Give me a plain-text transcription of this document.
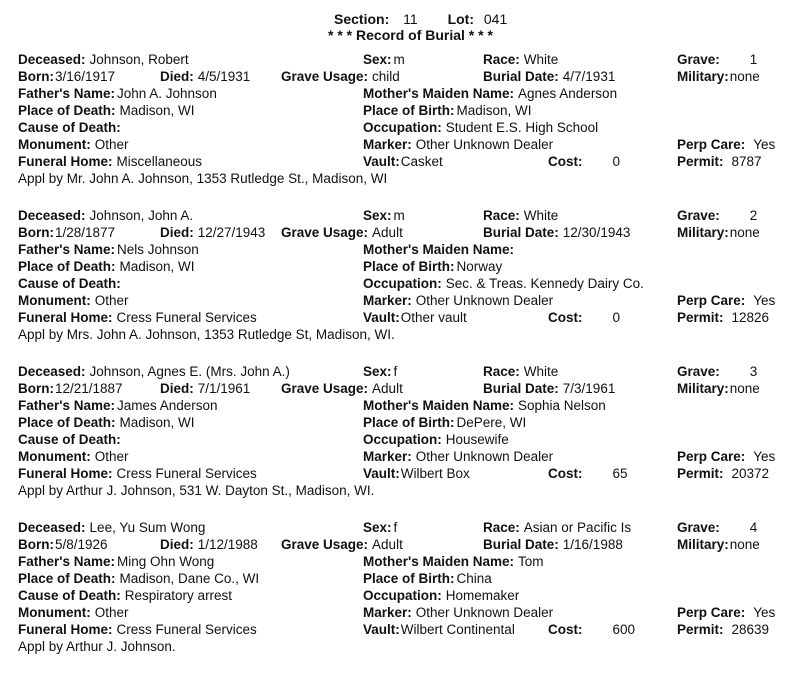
Section: 11 Lot: 041
* * * Record of Burial * * *
Deceased: Johnson, Robert	Sex: m	Race: White	Grave: 1
Born:3/16/1917	Died: 4/5/1931 Grave Usage: child	Burial Date: 4/7/1931	Military:none
Father's Name: John A. Johnson	Mother's Maiden Name: Agnes Anderson
Place of Death: Madison, WI	Place of Birth: Madison, WI
Cause of Death:	Occupation: Student E.S. High School
Perp Care: Yes
Monument: Other	Marker: Other Unknown Dealer
Funeral Home: Miscellaneous	Vault:Casket	Cost: 0	Permit: 8787
Appl by Mr. John A. Johnson, 1353 Rutledge St., Madison, WI
Deceased: Johnson, John A.	Sex: m	Race: White	Grave: 2
Born:1/28/1877	Died: 12/27/1943 Grave Usage: Adult	Burial Date: 12/30/1943	Military:none
Father's Name: Nels Johnson	Mother's Maiden Name:
Place of Death: Madison, WI	Place of Birth: Norway
Cause of Death:	Occupation: Sec. & Treas. Kennedy Dairy Co.
Perp Care: Yes
Monument: Other	Marker: Other Unknown Dealer
Funeral Home: Cress Funeral Services	Vault:Other vault	Cost: 0	Permit: 12826
Appl by Mrs. John A. Johnson, 1353 Rutledge St, Madison, WI.
Deceased: Johnson, Agnes E. (Mrs. John A.)	Sex: f	Race: White	Grave: 3
Born:12/21/1887	Died: 7/1/1961 Grave Usage: Adult	Burial Date: 7/3/1961	Military:none
Father's Name: James Anderson	Mother's Maiden Name: Sophia Nelson
Place of Death: Madison, WI	Place of Birth: DePere, WI
Cause of Death:	Occupation: Housewife
Perp Care: Yes
Monument: Other	Marker: Other Unknown Dealer
Funeral Home: Cress Funeral Services	Vault:Wilbert Box	Cost: 65	Permit: 20372
Appl by Arthur J. Johnson, 531 W. Dayton St., Madison, WI.
Deceased: Lee, Yu Sum Wong	Sex: f	Race: Asian or Pacific Is	Grave: 4
Born:5/8/1926	Died: 1/12/1988 Grave Usage: Adult	Burial Date: 1/16/1988	Military:none
Father's Name: Ming Ohn Wong	Mother's Maiden Name: Tom
Place of Death: Madison, Dane Co., WI	Place of Birth: China
Cause of Death: Respiratory arrest	Occupation: Homemaker
Perp Care: Yes
Monument: Other	Marker: Other Unknown Dealer
Funeral Home: Cress Funeral Services	Vault:Wilbert Continental Cost: 600	Permit: 28639
Appl by Arthur J. Johnson.
